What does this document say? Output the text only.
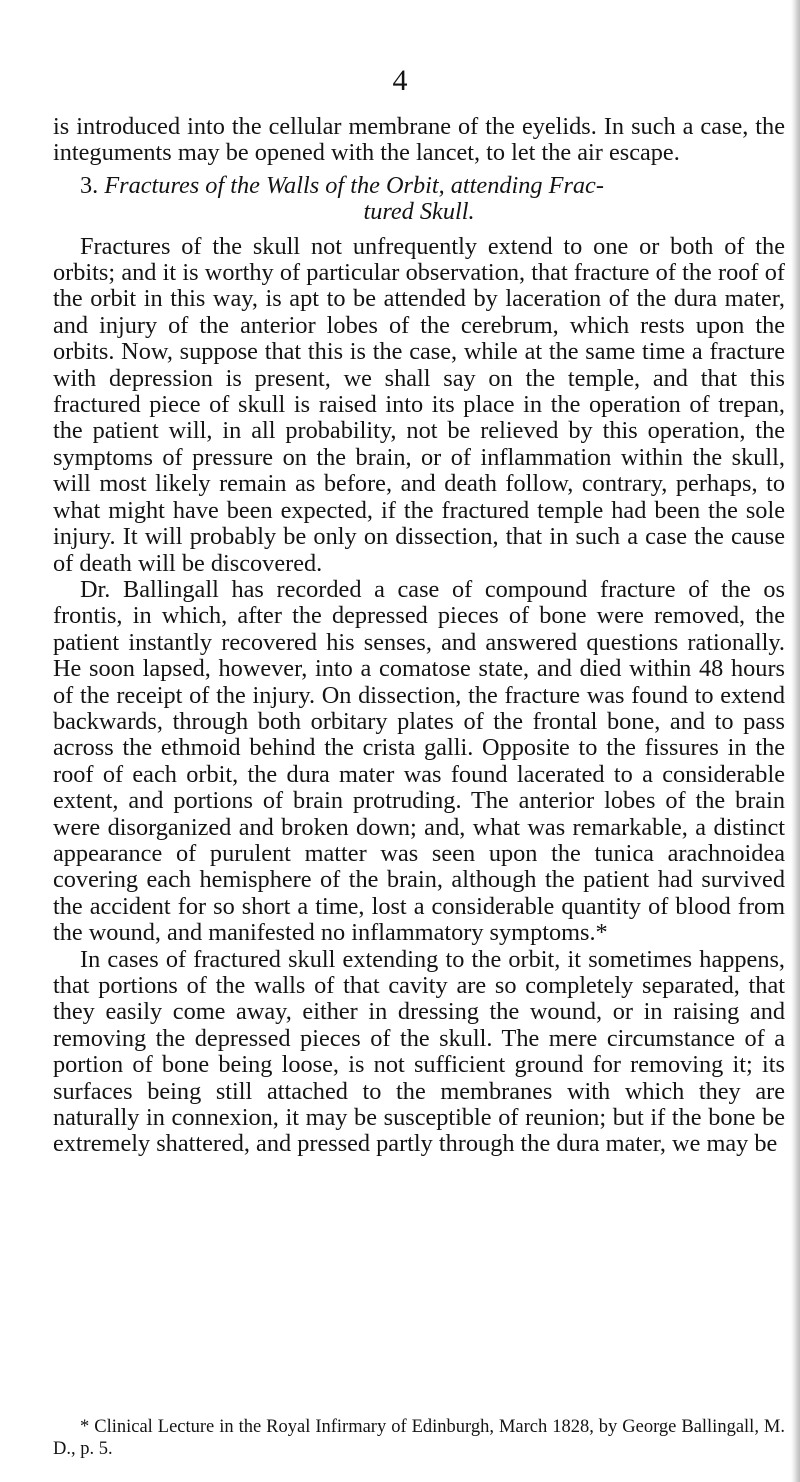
4

is introduced into the cellular membrane of the eyelids. In such a case, the integuments may be opened with the lancet, to let the air escape.

3. Fractures of the Walls of the Orbit, attending Frac-
tured Skull.

Fractures of the skull not unfrequently extend to one or both of the orbits; and it is worthy of particular observation, that fracture of the roof of the orbit in this way, is apt to be attended by laceration of the dura mater, and injury of the anterior lobes of the cerebrum, which rests upon the orbits. Now, suppose that this is the case, while at the same time a fracture with depression is present, we shall say on the temple, and that this fractured piece of skull is raised into its place in the operation of trepan, the patient will, in all probability, not be relieved by this operation, the symptoms of pressure on the brain, or of inflammation within the skull, will most likely remain as before, and death follow, contrary, perhaps, to what might have been expected, if the fractured temple had been the sole injury. It will probably be only on dissection, that in such a case the cause of death will be discovered.

Dr. Ballingall has recorded a case of compound fracture of the os frontis, in which, after the depressed pieces of bone were removed, the patient instantly recovered his senses, and answered questions rationally. He soon lapsed, however, into a comatose state, and died within 48 hours of the receipt of the injury. On dissection, the fracture was found to extend backwards, through both orbitary plates of the frontal bone, and to pass across the ethmoid behind the crista galli. Opposite to the fissures in the roof of each orbit, the dura mater was found lacerated to a considerable extent, and portions of brain protruding. The anterior lobes of the brain were disorganized and broken down; and, what was remarkable, a distinct appearance of purulent matter was seen upon the tunica arachnoidea covering each hemisphere of the brain, although the patient had survived the accident for so short a time, lost a considerable quantity of blood from the wound, and manifested no inflammatory symptoms.*

In cases of fractured skull extending to the orbit, it sometimes happens, that portions of the walls of that cavity are so completely separated, that they easily come away, either in dressing the wound, or in raising and removing the depressed pieces of the skull. The mere circumstance of a portion of bone being loose, is not sufficient ground for removing it; its surfaces being still attached to the membranes with which they are naturally in connexion, it may be susceptible of reunion; but if the bone be extremely shattered, and pressed partly through the dura mater, we may be

* Clinical Lecture in the Royal Infirmary of Edinburgh, March 1828, by George Ballingall, M. D., p. 5.
